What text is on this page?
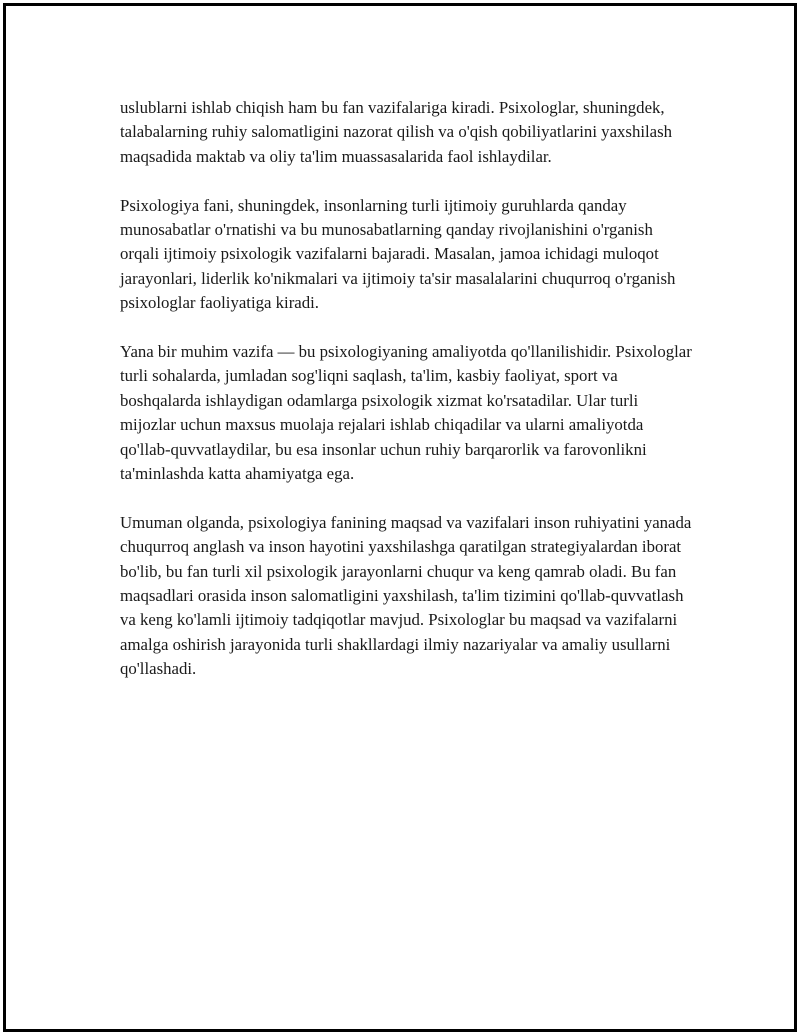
uslublarni ishlab chiqish ham bu fan vazifalariga kiradi. Psixologlar, shuningdek, talabalarning ruhiy salomatligini nazorat qilish va o'qish qobiliyatlarini yaxshilash maqsadida maktab va oliy ta'lim muassasalarida faol ishlaydilar.

Psixologiya fani, shuningdek, insonlarning turli ijtimoiy guruhlarda qanday munosabatlar o'rnatishi va bu munosabatlarning qanday rivojlanishini o'rganish orqali ijtimoiy psixologik vazifalarni bajaradi. Masalan, jamoa ichidagi muloqot jarayonlari, liderlik ko'nikmalari va ijtimoiy ta'sir masalalarini chuqurroq o'rganish psixologlar faoliyatiga kiradi.

Yana bir muhim vazifa — bu psixologiyaning amaliyotda qo'llanilishidir. Psixologlar turli sohalarda, jumladan sog'liqni saqlash, ta'lim, kasbiy faoliyat, sport va boshqalarda ishlaydigan odamlarga psixologik xizmat ko'rsatadilar. Ular turli mijozlar uchun maxsus muolaja rejalari ishlab chiqadilar va ularni amaliyotda qo'llab-quvvatlaydilar, bu esa insonlar uchun ruhiy barqarorlik va farovonlikni ta'minlashda katta ahamiyatga ega.

Umuman olganda, psixologiya fanining maqsad va vazifalari inson ruhiyatini yanada chuqurroq anglash va inson hayotini yaxshilashga qaratilgan strategiyalardan iborat bo'lib, bu fan turli xil psixologik jarayonlarni chuqur va keng qamrab oladi. Bu fan maqsadlari orasida inson salomatligini yaxshilash, ta'lim tizimini qo'llab-quvvatlash va keng ko'lamli ijtimoiy tadqiqotlar mavjud. Psixologlar bu maqsad va vazifalarni amalga oshirish jarayonida turli shakllardagi ilmiy nazariyalar va amaliy usullarni qo'llashadi.
